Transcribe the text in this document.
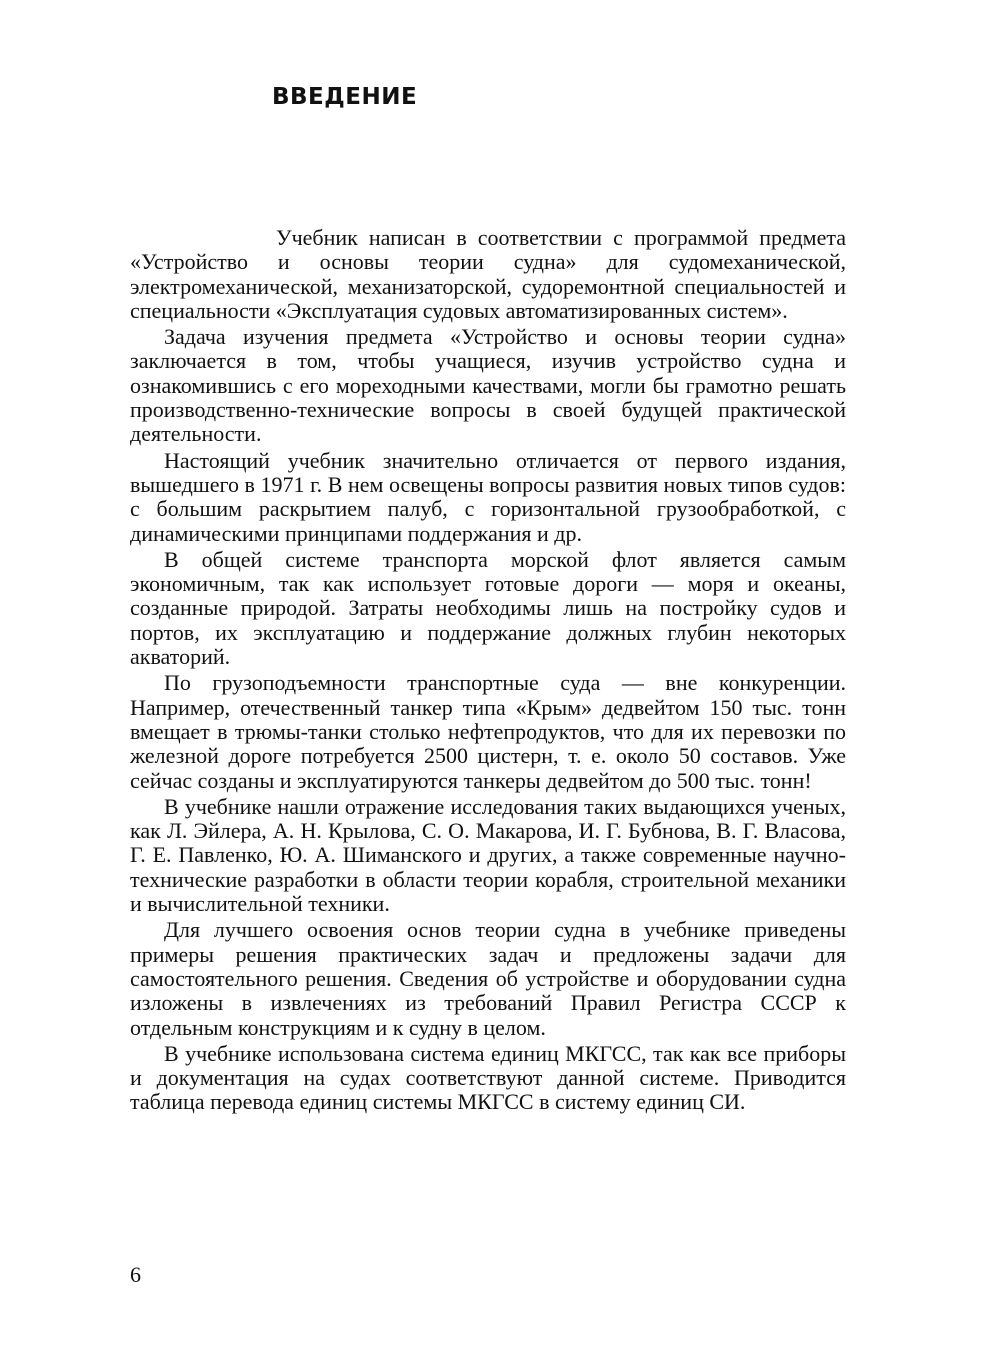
ВВЕДЕНИЕ

Учебник написан в соответствии с программой предмета «Устройство и основы теории судна» для судомеханической, электромеханической, механизаторской, судоремонтной специальностей и специальности «Эксплуатация судовых автоматизированных систем».

Задача изучения предмета «Устройство и основы теории судна» заключается в том, чтобы учащиеся, изучив устройство судна и ознакомившись с его мореходными качествами, могли бы грамотно решать производственно-технические вопросы в своей будущей практической деятельности.

Настоящий учебник значительно отличается от первого издания, вышедшего в 1971 г. В нем освещены вопросы развития новых типов судов: с большим раскрытием палуб, с горизонтальной грузообработкой, с динамическими принципами поддержания и др.

В общей системе транспорта морской флот является самым экономичным, так как использует готовые дороги — моря и океаны, созданные природой. Затраты необходимы лишь на постройку судов и портов, их эксплуатацию и поддержание должных глубин некоторых акваторий.

По грузоподъемности транспортные суда — вне конкуренции. Например, отечественный танкер типа «Крым» дедвейтом 150 тыс. тонн вмещает в трюмы-танки столько нефтепродуктов, что для их перевозки по железной дороге потребуется 2500 цистерн, т. е. около 50 составов. Уже сейчас созданы и эксплуатируются танкеры дедвейтом до 500 тыс. тонн!

В учебнике нашли отражение исследования таких выдающихся ученых, как Л. Эйлера, А. Н. Крылова, С. О. Макарова, И. Г. Бубнова, В. Г. Власова, Г. Е. Павленко, Ю. А. Шиманского и других, а также современные научно-технические разработки в области теории корабля, строительной механики и вычислительной техники.

Для лучшего освоения основ теории судна в учебнике приведены примеры решения практических задач и предложены задачи для самостоятельного решения. Сведения об устройстве и оборудовании судна изложены в извлечениях из требований Правил Регистра СССР к отдельным конструкциям и к судну в целом.

В учебнике использована система единиц МКГСС, так как все приборы и документация на судах соответствуют данной системе. Приводится таблица перевода единиц системы МКГСС в систему единиц СИ.

6
